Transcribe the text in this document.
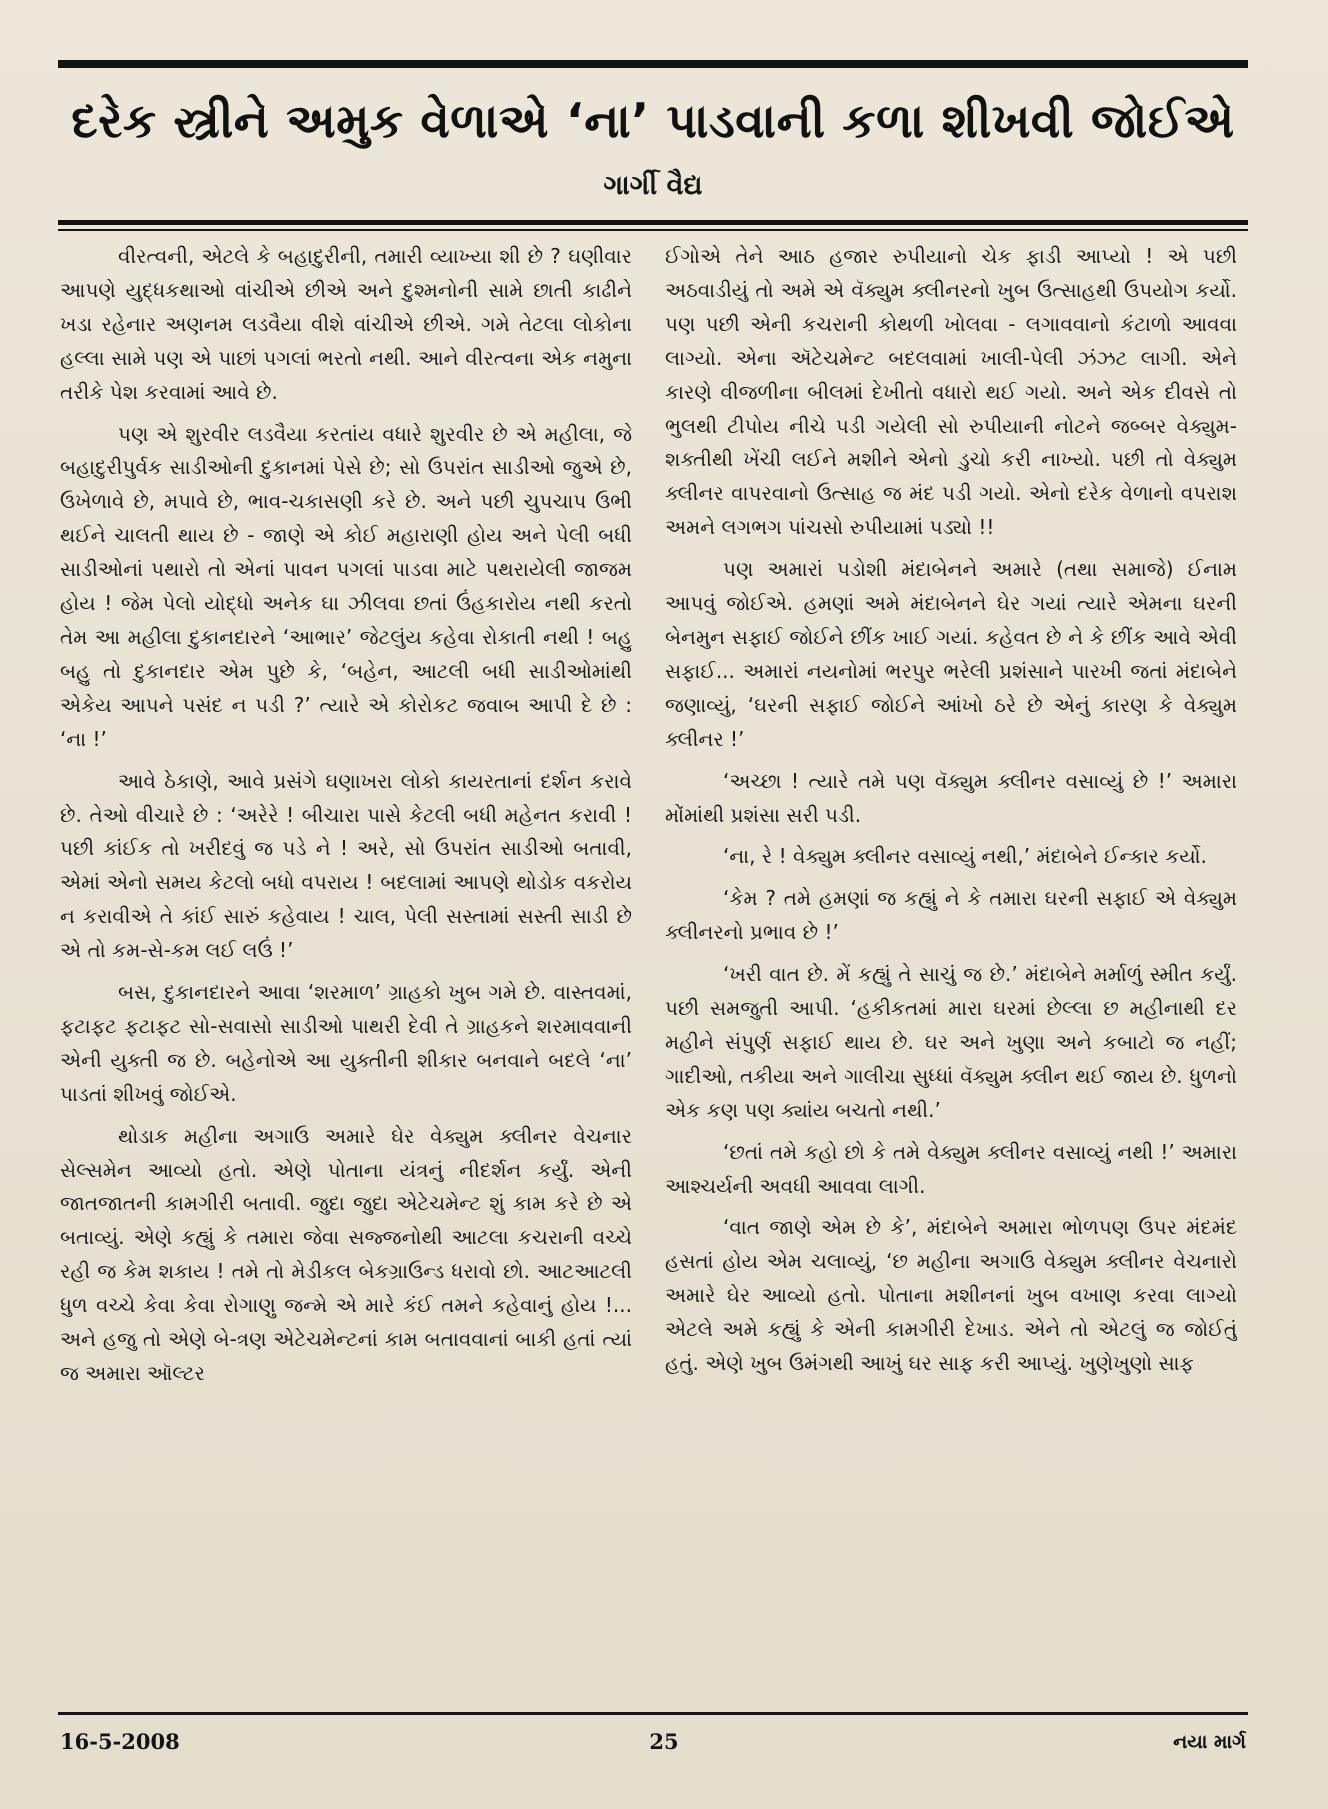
દરેક સ્ત્રીને અમુક વેળાએ ‘ના’ પાડવાની કળા શીખવી જોઈએ
ગાર્ગી વૈદ્ય

વીરત્વની, એટલે કે બહાદુરીની, તમારી વ્યાખ્યા શી છે ? ઘણીવાર આપણે યુદ્ધકથાઓ વાંચીએ છીએ અને દુશ્મનોની સામે છાતી કાઢીને ખડા રહેનાર અણનમ લડવૈયા વીશે વાંચીએ છીએ. ગમે તેટલા લોકોના હલ્લા સામે પણ એ પાછાં પગલાં ભરતો નથી. આને વીરત્વના એક નમુના તરીકે પેશ કરવામાં આવે છે.

પણ એ શુરવીર લડવૈયા કરતાંય વધારે શુરવીર છે એ મહીલા, જે બહાદુરીપુર્વક સાડીઓની દુકાનમાં પેસે છે; સો ઉપરાંત સાડીઓ જુએ છે, ઉખેળાવે છે, મપાવે છે, ભાવ-ચકાસણી કરે છે. અને પછી ચુપચાપ ઉભી થઈને ચાલતી થાય છે - જાણે એ કોઈ મહારાણી હોય અને પેલી બધી સાડીઓનાં પથારો તો એનાં પાવન પગલાં પાડવા માટે પથરાયેલી જાજમ હોય ! જેમ પેલો યોદ્ધો અનેક ઘા ઝીલવા છતાં ઉંહકારોય નથી કરતો તેમ આ મહીલા દુકાનદારને ‘આભાર’ જેટલુંય કહેવા રોકાતી નથી ! બહુ બહુ તો દુકાનદાર એમ પુછે કે, ‘બહેન, આટલી બધી સાડીઓમાંથી એકેય આપને પસંદ ન પડી ?’ ત્યારે એ કોરોકટ જવાબ આપી દે છે : ‘ના !’

આવે ઠેકાણે, આવે પ્રસંગે ઘણાખરા લોકો કાયરતાનાં દર્શન કરાવે છે. તેઓ વીચારે છે : ‘અરેરે ! બીચારા પાસે કેટલી બધી મહેનત કરાવી ! પછી કાંઈક તો ખરીદવું જ પડે ને ! અરે, સો ઉપરાંત સાડીઓ બતાવી, એમાં એનો સમય કેટલો બધો વપરાય ! બદલામાં આપણે થોડોક વકરોય ન કરાવીએ તે કાંઈ સારું કહેવાય ! ચાલ, પેલી સસ્તામાં સસ્તી સાડી છે એ તો કમ-સે-કમ લઈ લઉં !’

બસ, દુકાનદારને આવા ‘શરમાળ’ ગ્રાહકો ખુબ ગમે છે. વાસ્તવમાં, ફટાફટ ફટાફટ સો-સવાસો સાડીઓ પાથરી દેવી તે ગ્રાહકને શરમાવવાની એની યુક્તી જ છે. બહેનોએ આ યુક્તીની શીકાર બનવાને બદલે ‘ના’ પાડતાં શીખવું જોઈએ.

થોડાક મહીના અગાઉ અમારે ઘેર વેક્યુમ ક્લીનર વેચનાર સેલ્સમેન આવ્યો હતો. એણે પોતાના યંત્રનું નીદર્શન કર્યું. એની જાતજાતની કામગીરી બતાવી. જુદા જુદા એટેચમેન્ટ શું કામ કરે છે એ બતાવ્યું. એણે કહ્યું કે તમારા જેવા સજ્જનોથી આટલા કચરાની વચ્ચે રહી જ કેમ શકાય ! તમે તો મેડીકલ બેકગ્રાઉન્ડ ધરાવો છો. આટઆટલી ધુળ વચ્ચે કેવા કેવા રોગાણુ જન્મે એ મારે કંઈ તમને કહેવાનું હોય !... અને હજુ તો એણે બે-ત્રણ એટેચમેન્ટનાં કામ બતાવવાનાં બાકી હતાં ત્યાં જ અમારા ઑલ્ટર

ઈગોએ તેને આઠ હજાર રુપીયાનો ચેક ફાડી આપ્યો ! એ પછી અઠવાડીયું તો અમે એ વૅક્યુમ ક્લીનરનો ખુબ ઉત્સાહથી ઉપયોગ કર્યો. પણ પછી એની કચરાની કોથળી ખોલવા - લગાવવાનો કંટાળો આવવા લાગ્યો. એના ઍટેચમેન્ટ બદલવામાં ખાલી-પેલી ઝંઝટ લાગી. એને કારણે વીજળીના બીલમાં દેખીતો વધારો થઈ ગયો. અને એક દીવસે તો ભુલથી ટીપોય નીચે પડી ગયેલી સો રુપીયાની નોટને જબ્બર વેક્યુમ-શક્તીથી ખેંચી લઈને મશીને એનો ડુચો કરી નાખ્યો. પછી તો વેક્યુમ ક્લીનર વાપરવાનો ઉત્સાહ જ મંદ પડી ગયો. એનો દરેક વેળાનો વપરાશ અમને લગભગ પાંચસો રુપીયામાં પડ્યો !!

પણ અમારાં પડોશી મંદાબેનને અમારે (તથા સમાજે) ઈનામ આપવું જોઈએ. હમણાં અમે મંદાબેનને ઘેર ગયાં ત્યારે એમના ઘરની બેનમુન સફાઈ જોઈને છીંક ખાઈ ગયાં. કહેવત છે ને કે છીંક આવે એવી સફાઈ... અમારાં નયનોમાં ભરપુર ભરેલી પ્રશંસાને પારખી જતાં મંદાબેને જણાવ્યું, ‘ઘરની સફાઈ જોઈને આંખો ઠરે છે એનું કારણ કે વેક્યુમ ક્લીનર !’

‘અચ્છા ! ત્યારે તમે પણ વૅક્યુમ ક્લીનર વસાવ્યું છે !’ અમારા મોંમાંથી પ્રશંસા સરી પડી.

‘ના, રે ! વેક્યુમ ક્લીનર વસાવ્યું નથી,’ મંદાબેને ઈન્કાર કર્યો.

‘કેમ ? તમે હમણાં જ કહ્યું ને કે તમારા ઘરની સફાઈ એ વેક્યુમ ક્લીનરનો પ્રભાવ છે !’

‘ખરી વાત છે. મેં કહ્યું તે સાચું જ છે.’ મંદાબેને મર્માળું સ્મીત કર્યું. પછી સમજુતી આપી. ‘હકીકતમાં મારા ઘરમાં છેલ્લા છ મહીનાથી દર મહીને સંપુર્ણ સફાઈ થાય છે. ઘર અને ખુણા અને કબાટો જ નહીં; ગાદીઓ, તકીયા અને ગાલીચા સુધ્ધાં વૅક્યુમ ક્લીન થઈ જાય છે. ધુળનો એક કણ પણ ક્યાંય બચતો નથી.’

‘છતાં તમે કહો છો કે તમે વેક્યુમ ક્લીનર વસાવ્યું નથી !’ અમારા આશ્ચર્યની અવધી આવવા લાગી.

‘વાત જાણે એમ છે કે’, મંદાબેને અમારા ભોળપણ ઉપર મંદમંદ હસતાં હોય એમ ચલાવ્યું, ‘છ મહીના અગાઉ વેક્યુમ ક્લીનર વેચનારો અમારે ઘેર આવ્યો હતો. પોતાના મશીનનાં ખુબ વખાણ કરવા લાગ્યો એટલે અમે કહ્યું કે એની કામગીરી દેખાડ. એને તો એટલું જ જોઈતું હતું. એણે ખુબ ઉમંગથી આખું ઘર સાફ કરી આપ્યું. ખુણેખુણો સાફ

16-5-2008	25	નયા માર્ગ
